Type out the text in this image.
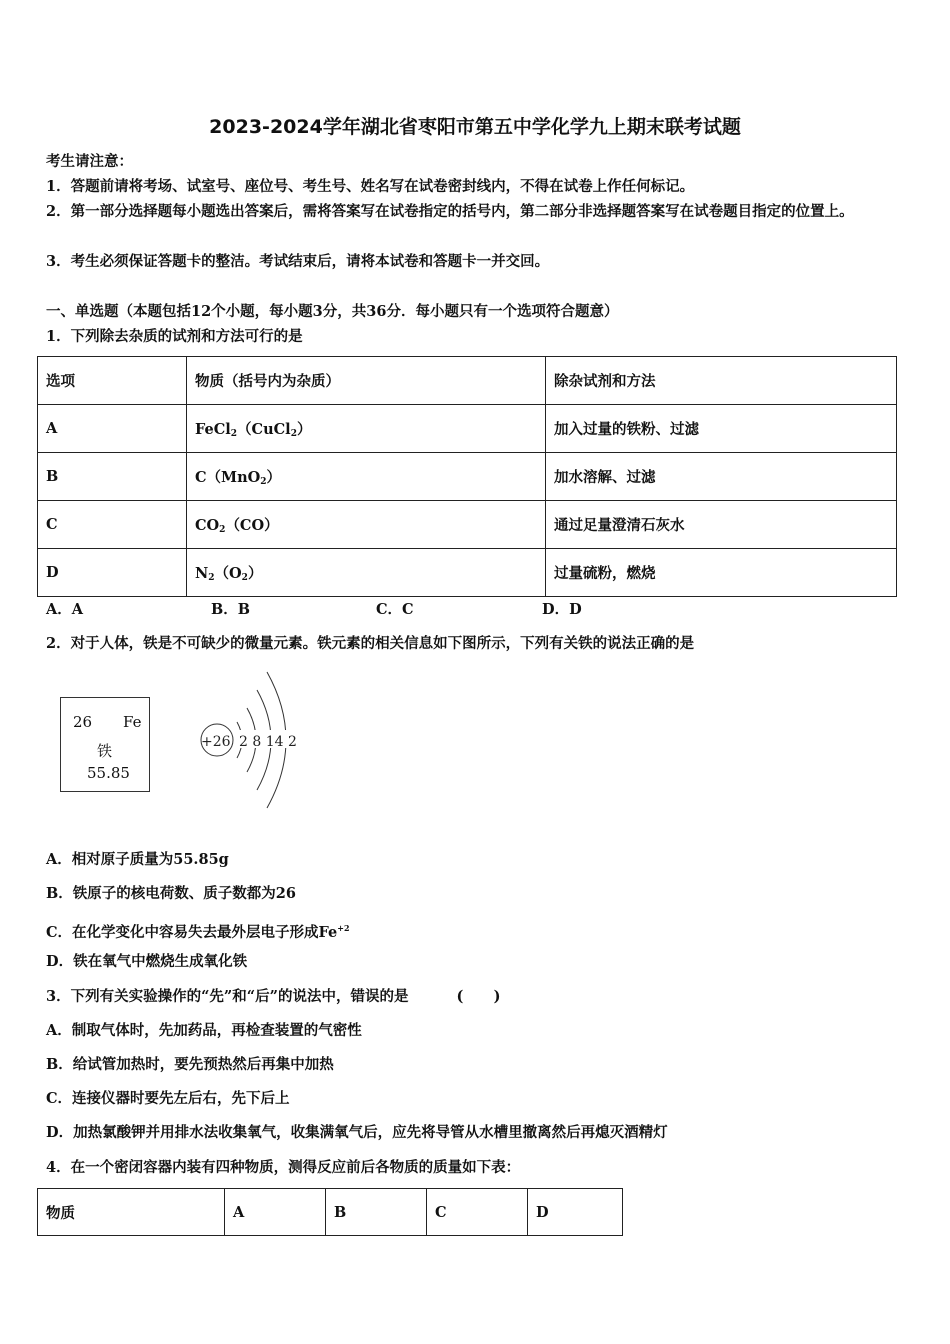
2023-2024学年湖北省枣阳市第五中学化学九上期末联考试题
考生请注意：
1．答题前请将考场、试室号、座位号、考生号、姓名写在试卷密封线内，不得在试卷上作任何标记。
2．第一部分选择题每小题选出答案后，需将答案写在试卷指定的括号内，第二部分非选择题答案写在试卷题目指定的位置上。
3．考生必须保证答题卡的整洁。考试结束后，请将本试卷和答题卡一并交回。
一、单选题（本题包括12个小题，每小题3分，共36分．每小题只有一个选项符合题意）
1．下列除去杂质的试剂和方法可行的是
选项	物质（括号内为杂质）	除杂试剂和方法
A	FeCl$_2$（CuCl$_2$）	加入过量的铁粉、过滤
B	C（MnO$_2$）	加水溶解、过滤
C	$CO_2(CO)$	通过足量澄清石灰水
D	$N_2(O_2)$	过量硫粉，燃烧
A．A	B．B	C．C	D．D
2．对于人体，铁是不可缺少的微量元素。铁元素的相关信息如下图所示，下列有关铁的说法正确的是
26 Fe
铁
55.85
+26 2 8 14 2
A．相对原子质量为55.85g
B．铁原子的核电荷数、质子数都为26
C．在化学变化中容易失去最外层电子形成$Fe^{+2}$
D．铁在氧气中燃烧生成氧化铁
3．下列有关实验操作的“先”和“后”的说法中，错误的是	(      )
A．制取气体时，先加药品，再检查装置的气密性
B．给试管加热时，要先预热然后再集中加热
C．连接仪器时要先左后右，先下后上
D．加热氯酸钾并用排水法收集氧气，收集满氧气后，应先将导管从水槽里撤离然后再熄灭酒精灯
4．在一个密闭容器内装有四种物质，测得反应前后各物质的质量如下表：
物质	A	B	C	D
